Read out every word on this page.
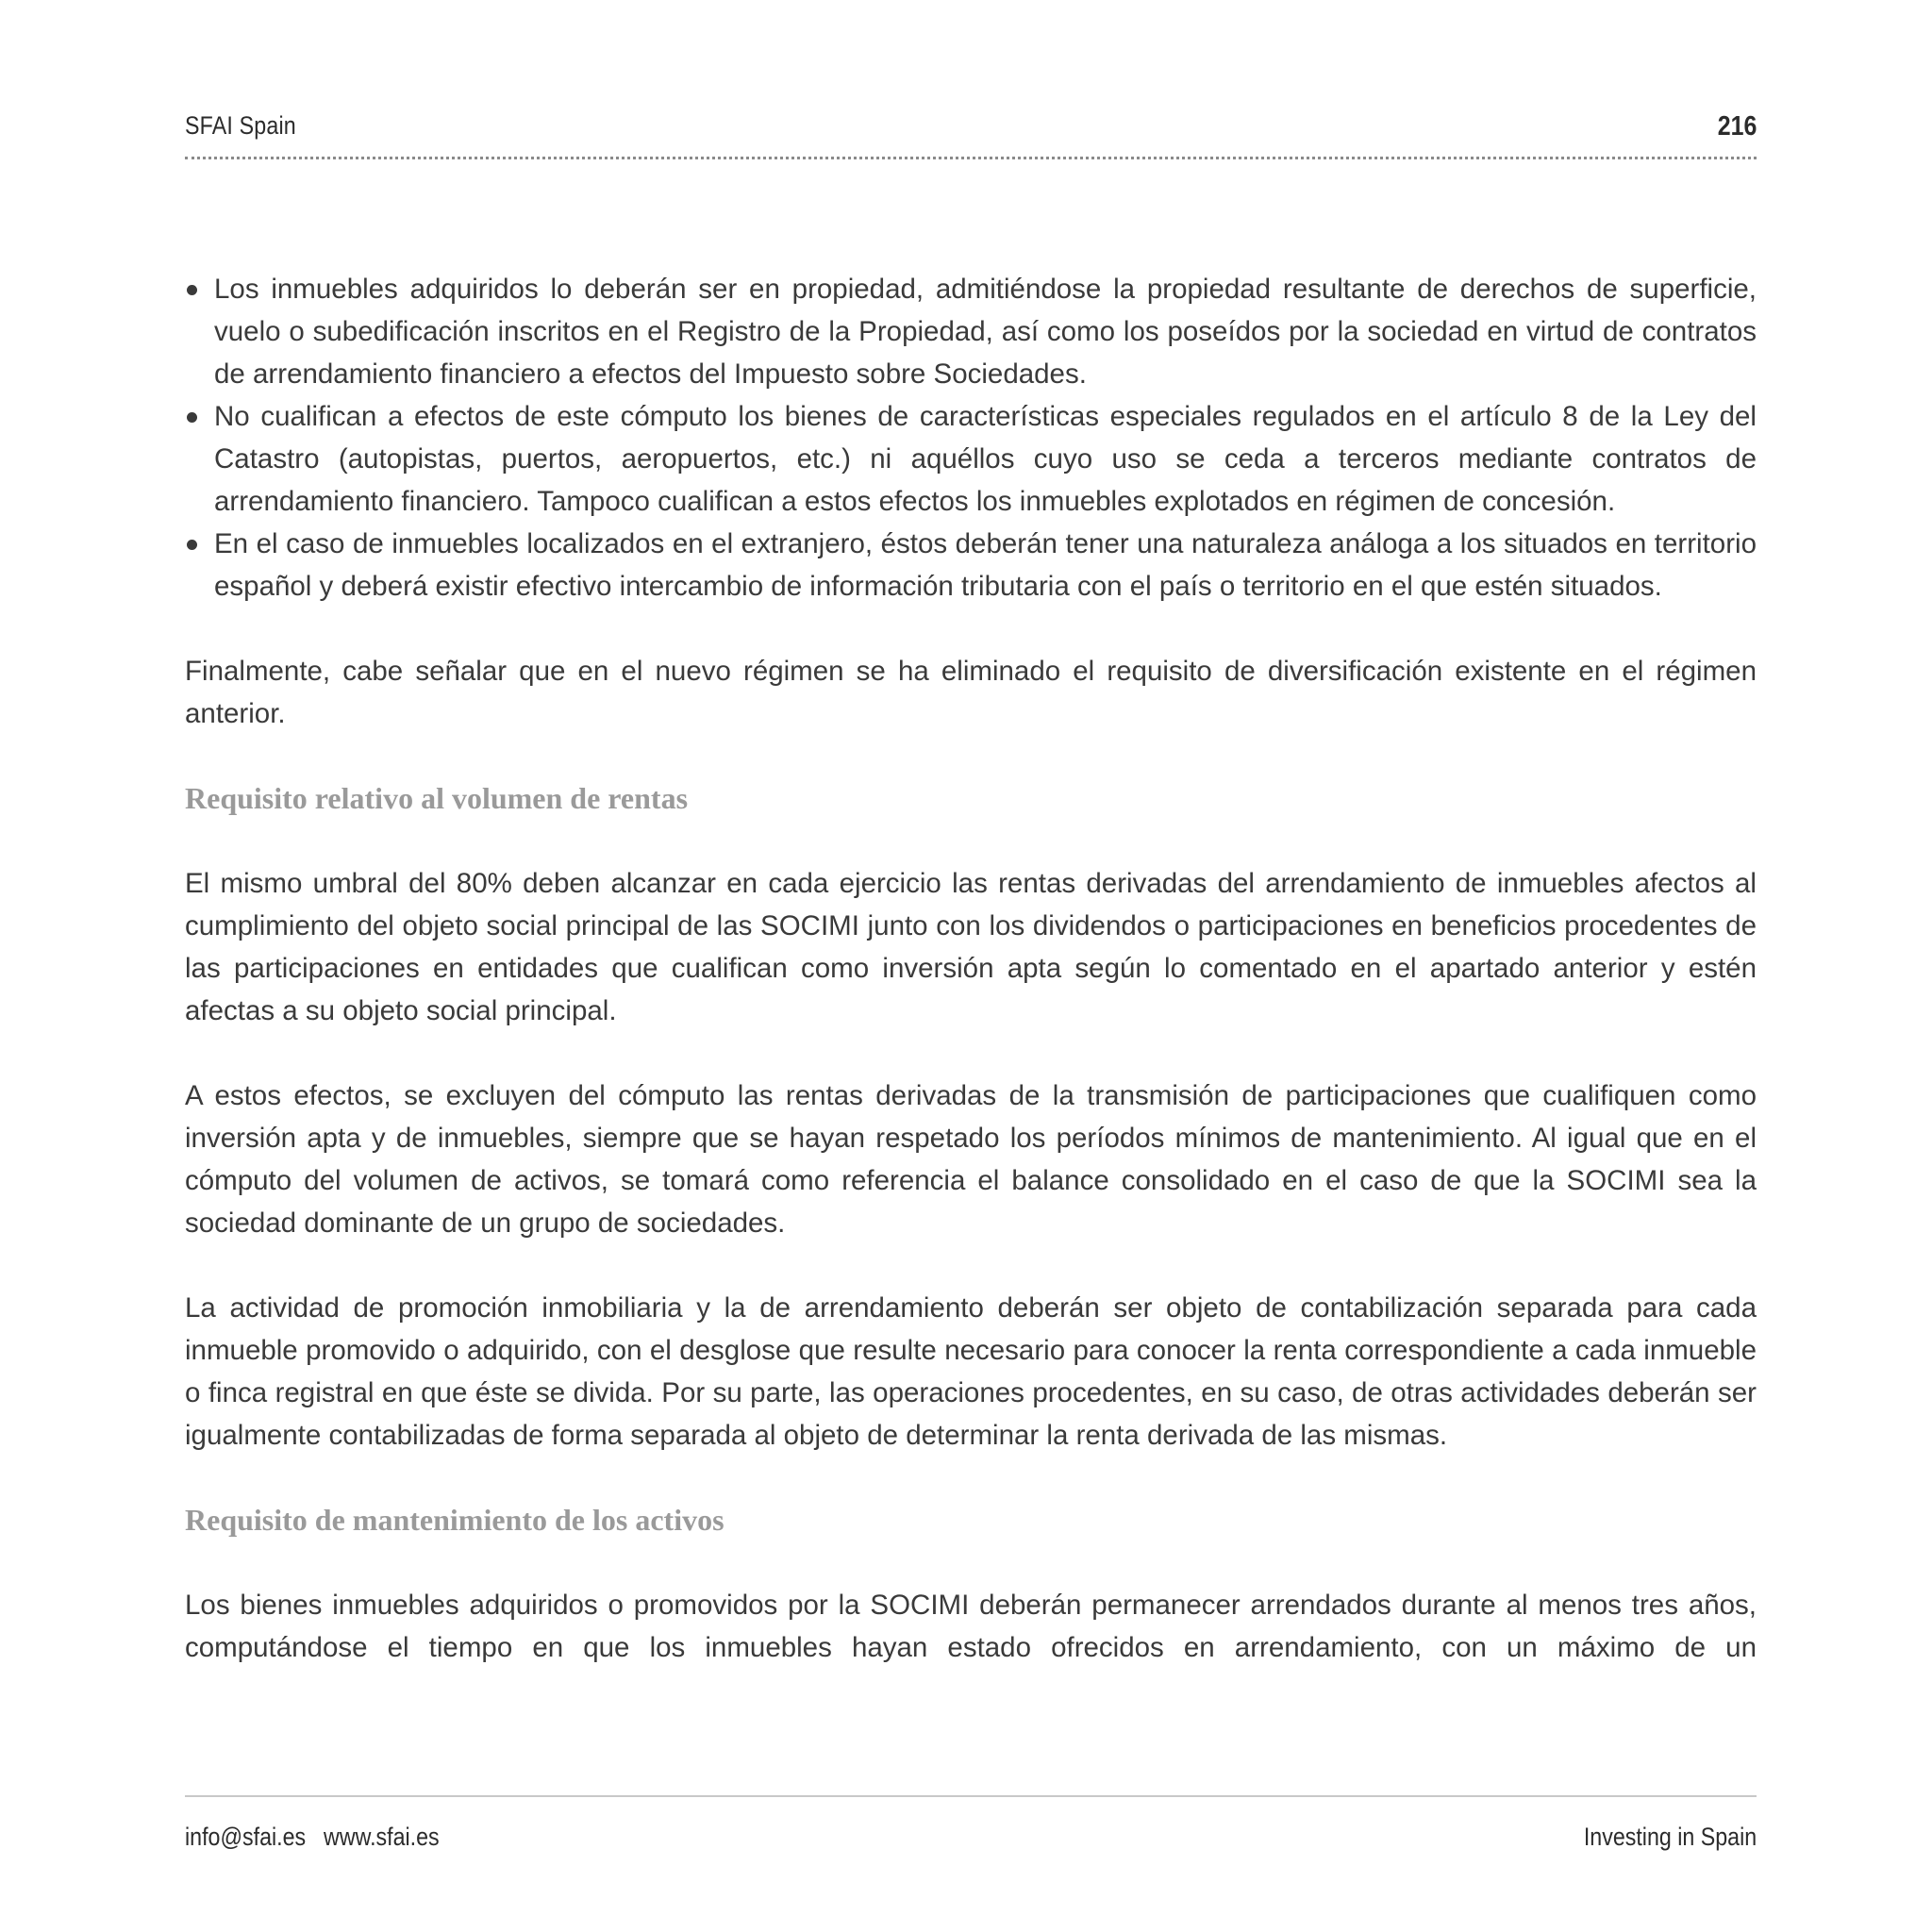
SFAI Spain	216
Los inmuebles adquiridos lo deberán ser en propiedad, admitiéndose la propiedad resultante de derechos de superficie, vuelo o subedificación inscritos en el Registro de la Propiedad, así como los poseídos por la sociedad en virtud de contratos de arrendamiento financiero a efectos del Impuesto sobre Sociedades.
No cualifican a efectos de este cómputo los bienes de características especiales regulados en el artículo 8 de la Ley del Catastro (autopistas, puertos, aeropuertos, etc.) ni aquéllos cuyo uso se ceda a terceros mediante contratos de arrendamiento financiero. Tampoco cualifican a estos efectos los inmuebles explotados en régimen de concesión.
En el caso de inmuebles localizados en el extranjero, éstos deberán tener una naturaleza análoga a los situados en territorio español y deberá existir efectivo intercambio de información tributaria con el país o territorio en el que estén situados.

Finalmente, cabe señalar que en el nuevo régimen se ha eliminado el requisito de diversificación existente en el régimen anterior.

Requisito relativo al volumen de rentas

El mismo umbral del 80% deben alcanzar en cada ejercicio las rentas derivadas del arrendamiento de inmuebles afectos al cumplimiento del objeto social principal de las SOCIMI junto con los dividendos o participaciones en beneficios procedentes de las participaciones en entidades que cualifican como inversión apta según lo comentado en el apartado anterior y estén afectas a su objeto social principal.

A estos efectos, se excluyen del cómputo las rentas derivadas de la transmisión de participaciones que cualifiquen como inversión apta y de inmuebles, siempre que se hayan respetado los períodos mínimos de mantenimiento. Al igual que en el cómputo del volumen de activos, se tomará como referencia el balance consolidado en el caso de que la SOCIMI sea la sociedad dominante de un grupo de sociedades.

La actividad de promoción inmobiliaria y la de arrendamiento deberán ser objeto de contabilización separada para cada inmueble promovido o adquirido, con el desglose que resulte necesario para conocer la renta correspondiente a cada inmueble o finca registral en que éste se divida. Por su parte, las operaciones procedentes, en su caso, de otras actividades deberán ser igualmente contabilizadas de forma separada al objeto de determinar la renta derivada de las mismas.

Requisito de mantenimiento de los activos

Los bienes inmuebles adquiridos o promovidos por la SOCIMI deberán permanecer arrendados durante al menos tres años, computándose el tiempo en que los inmuebles hayan estado ofrecidos en arrendamiento, con un máximo de un

info@sfai.es www.sfai.es	Investing in Spain
